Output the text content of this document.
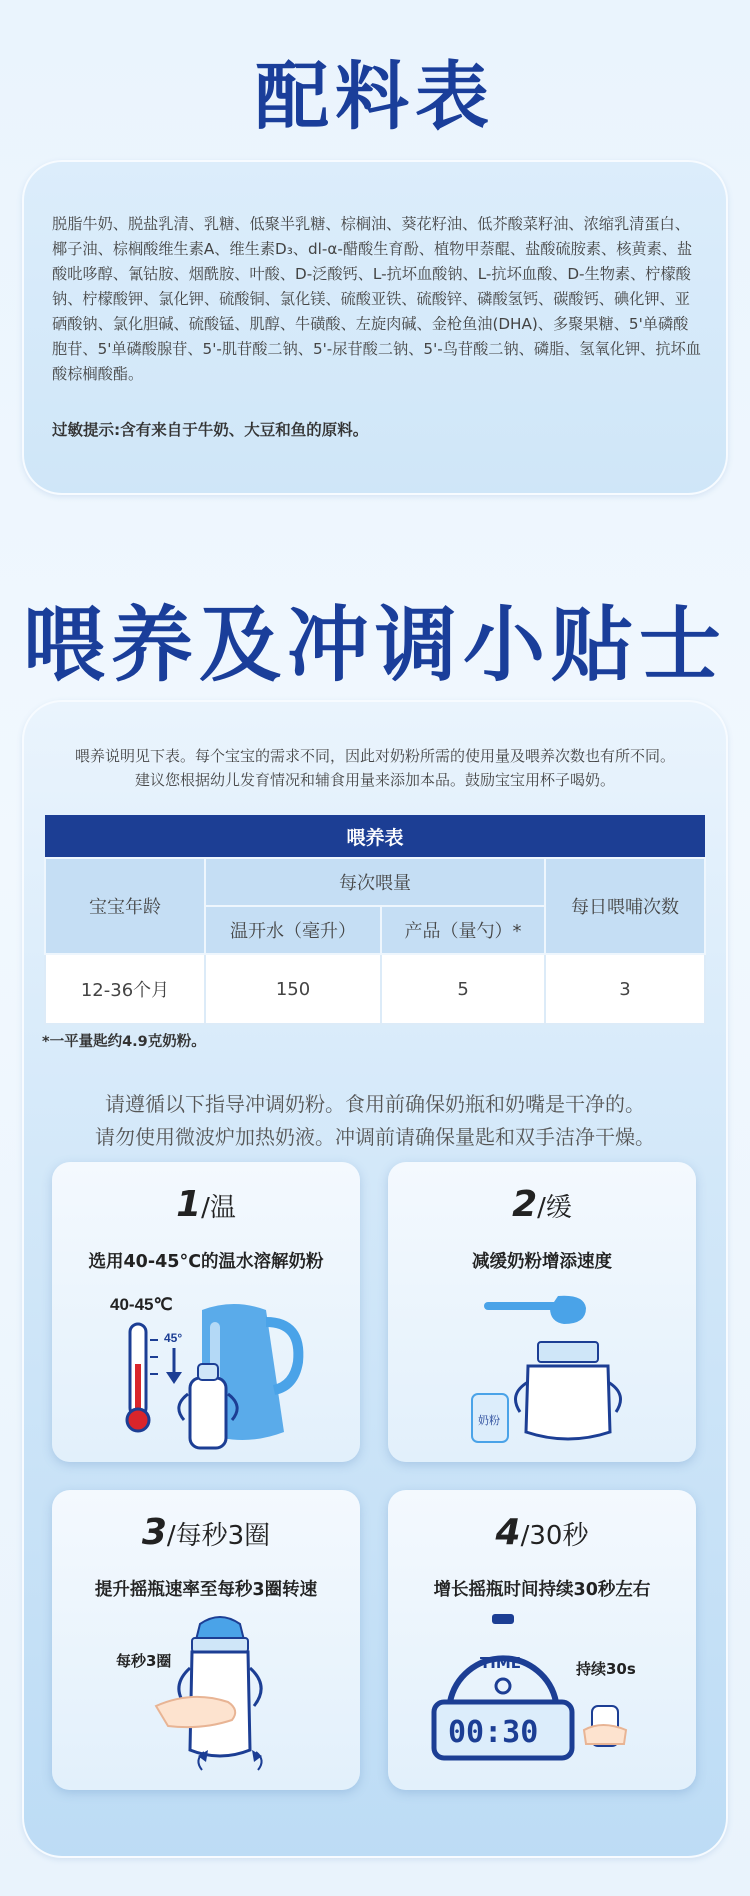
配料表
脱脂牛奶、脱盐乳清、乳糖、低聚半乳糖、棕榈油、葵花籽油、低芥酸菜籽油、浓缩乳清蛋白、椰子油、棕榈酸维生素A、维生素D₃、dl-α-醋酸生育酚、植物甲萘醌、盐酸硫胺素、核黄素、盐酸吡哆醇、氰钴胺、烟酰胺、叶酸、D-泛酸钙、L-抗坏血酸钠、L-抗坏血酸、D-生物素、柠檬酸钠、柠檬酸钾、氯化钾、硫酸铜、氯化镁、硫酸亚铁、硫酸锌、磷酸氢钙、碳酸钙、碘化钾、亚硒酸钠、氯化胆碱、硫酸锰、肌醇、牛磺酸、左旋肉碱、金枪鱼油(DHA)、多聚果糖、5'单磷酸胞苷、5'单磷酸腺苷、5'-肌苷酸二钠、5'-尿苷酸二钠、5'-鸟苷酸二钠、磷脂、氢氧化钾、抗坏血酸棕榈酸酯。
过敏提示:含有来自于牛奶、大豆和鱼的原料。
喂养及冲调小贴士
喂养说明见下表。每个宝宝的需求不同，因此对奶粉所需的使用量及喂养次数也有所不同。
建议您根据幼儿发育情况和辅食用量来添加本品。鼓励宝宝用杯子喝奶。
喂养表			
宝宝年龄	每次喂量		每日喂哺次数
	温开水（毫升）	产品（量勺）*	
12-36个月	150	5	3
*一平量匙约4.9克奶粉。
请遵循以下指导冲调奶粉。食用前确保奶瓶和奶嘴是干净的。
请勿使用微波炉加热奶液。冲调前请确保量匙和双手洁净干燥。
1/温
选用40-45°C的温水溶解奶粉
40-45℃
45°
2/缓
减缓奶粉增添速度
奶粉
3/每秒3圈
提升摇瓶速率至每秒3圈转速
每秒3圈
4/30秒
增长摇瓶时间持续30秒左右
TIME
00:30
持续30s
